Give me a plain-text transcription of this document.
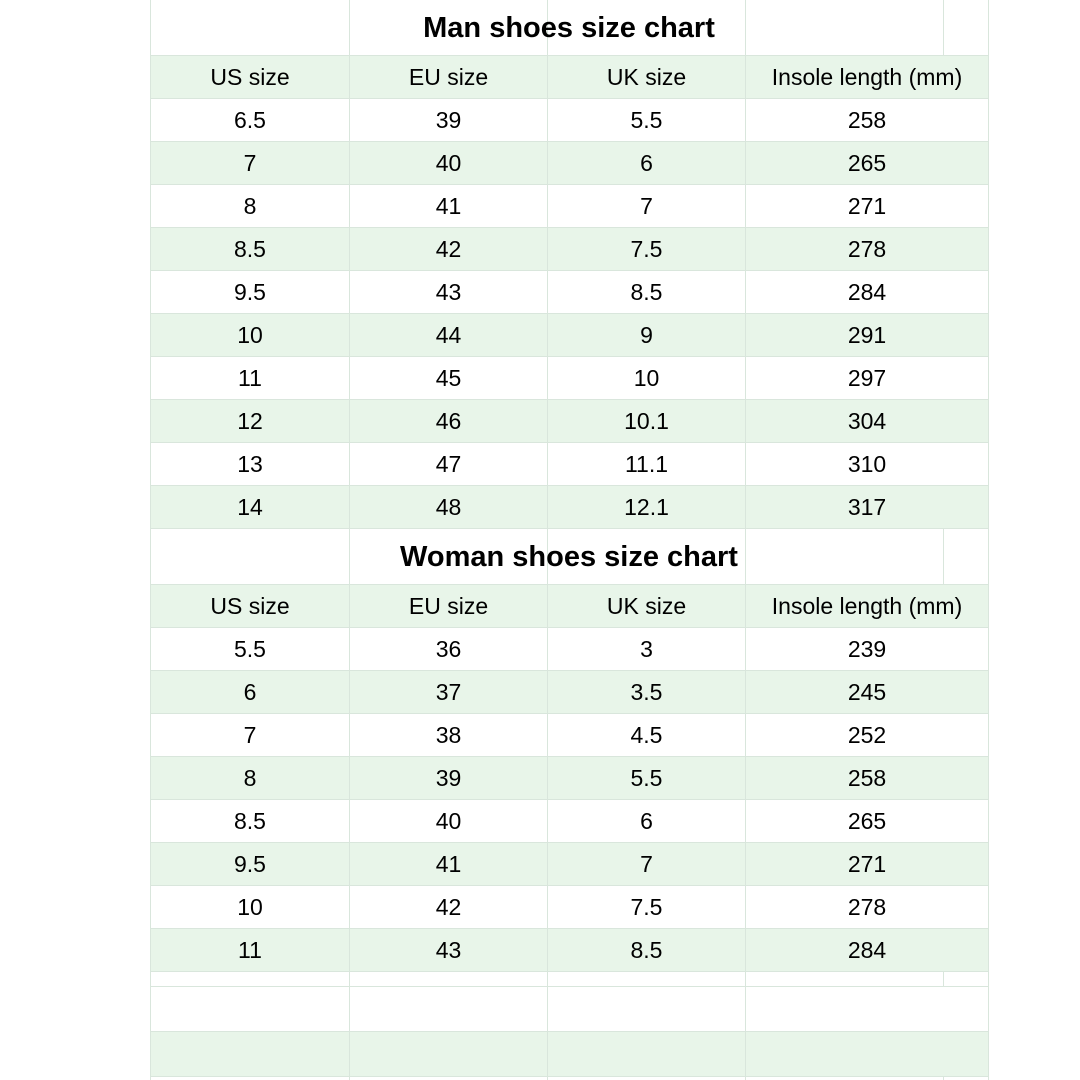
Man shoes size chart
US size	EU size	UK size	Insole length (mm)
6.5	39	5.5	258
7	40	6	265
8	41	7	271
8.5	42	7.5	278
9.5	43	8.5	284
10	44	9	291
11	45	10	297
12	46	10.1	304
13	47	11.1	310
14	48	12.1	317
Woman shoes size chart
US size	EU size	UK size	Insole length (mm)
5.5	36	3	239
6	37	3.5	245
7	38	4.5	252
8	39	5.5	258
8.5	40	6	265
9.5	41	7	271
10	42	7.5	278
11	43	8.5	284
